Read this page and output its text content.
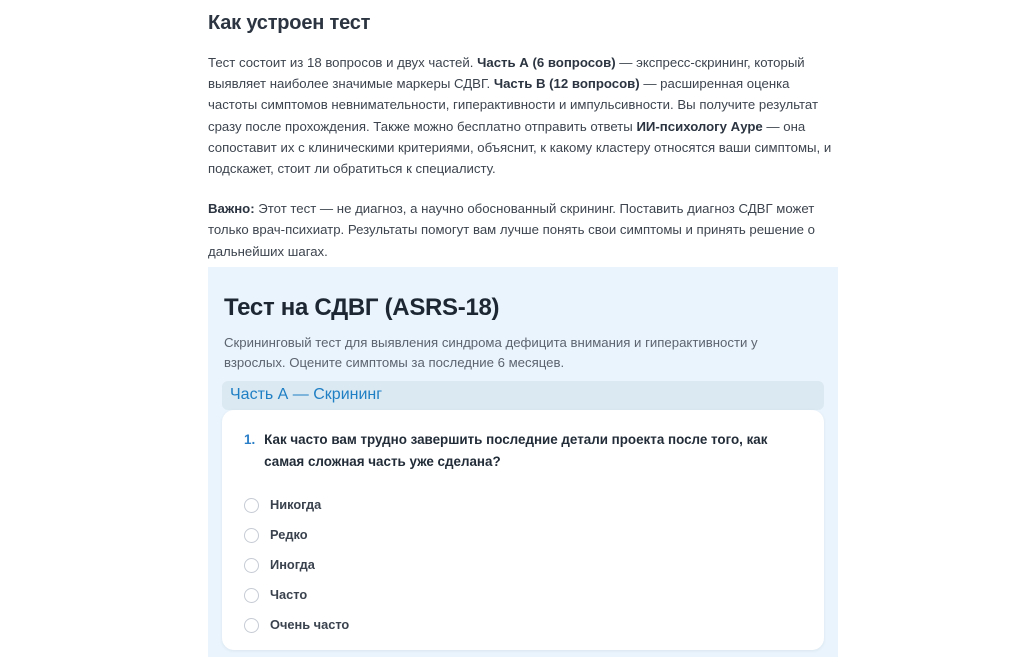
Как устроен тест

Тест состоит из 18 вопросов и двух частей. Часть А (6 вопросов) — экспресс-скрининг, который выявляет наиболее значимые маркеры СДВГ. Часть В (12 вопросов) — расширенная оценка частоты симптомов невнимательности, гиперактивности и импульсивности. Вы получите результат сразу после прохождения. Также можно бесплатно отправить ответы ИИ-психологу Ауре — она сопоставит их с клиническими критериями, объяснит, к какому кластеру относятся ваши симптомы, и подскажет, стоит ли обратиться к специалисту.

Важно: Этот тест — не диагноз, а научно обоснованный скрининг. Поставить диагноз СДВГ может только врач-психиатр. Результаты помогут вам лучше понять свои симптомы и принять решение о дальнейших шагах.

Тест на СДВГ (ASRS-18)
Скрининговый тест для выявления синдрома дефицита внимания и гиперактивности у взрослых. Оцените симптомы за последние 6 месяцев.
Часть А — Скрининг
1. Как часто вам трудно завершить последние детали проекта после того, как самая сложная часть уже сделана?
Никогда
Редко
Иногда
Часто
Очень часто
